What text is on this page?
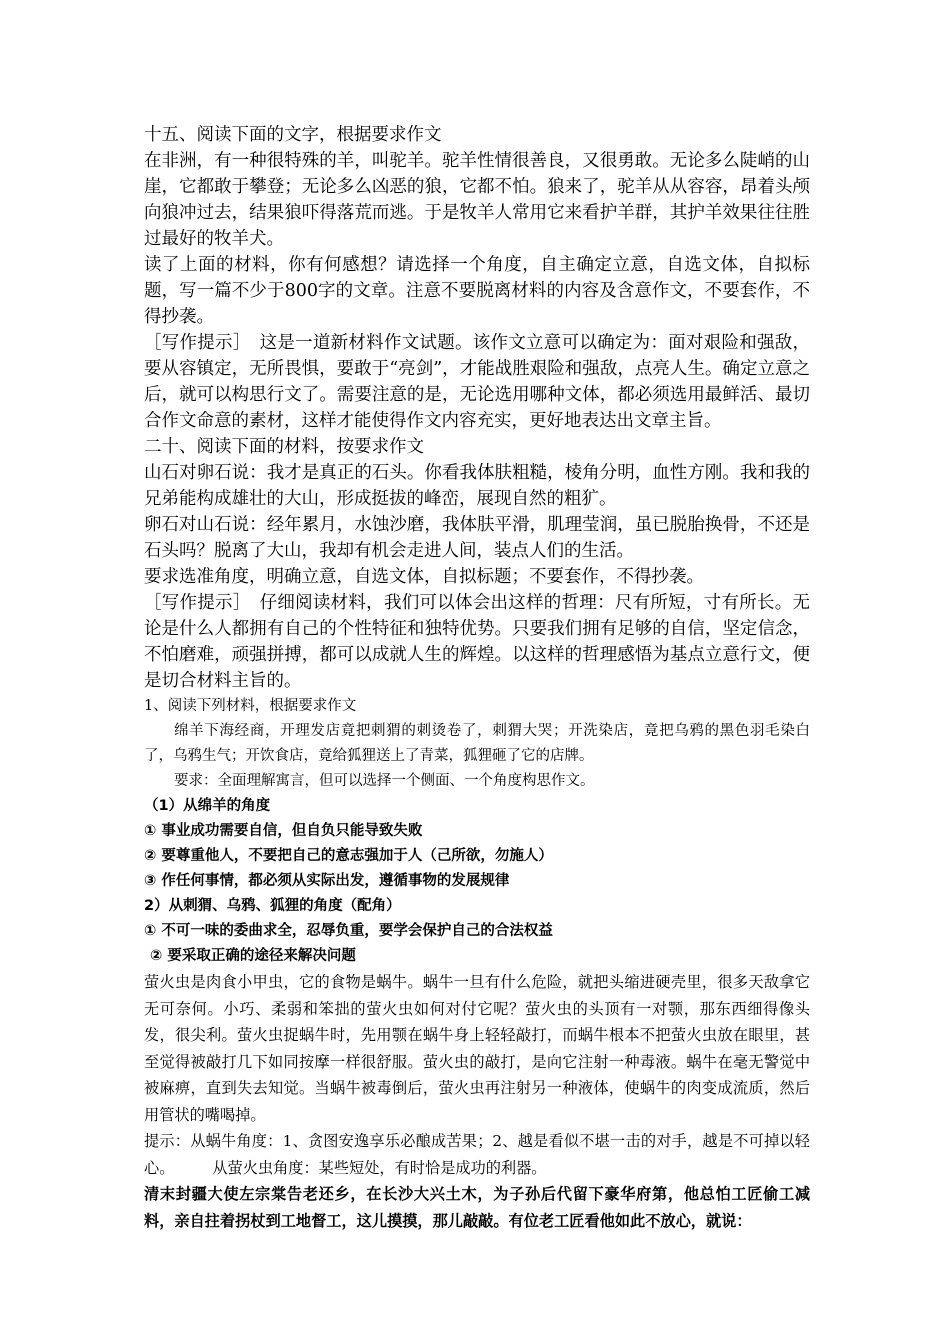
十五、阅读下面的文字，根据要求作文

在非洲，有一种很特殊的羊，叫驼羊。驼羊性情很善良，又很勇敢。无论多么陡峭的山崖，它都敢于攀登；无论多么凶恶的狼，它都不怕。狼来了，驼羊从从容容，昂着头颅向狼冲过去，结果狼吓得落荒而逃。于是牧羊人常用它来看护羊群，其护羊效果往往胜过最好的牧羊犬。

读了上面的材料，你有何感想？请选择一个角度，自主确定立意，自选文体，自拟标题，写一篇不少于800字的文章。注意不要脱离材料的内容及含意作文，不要套作，不得抄袭。

［写作提示］　这是一道新材料作文试题。该作文立意可以确定为：面对艰险和强敌，要从容镇定，无所畏惧，要敢于“亮剑”，才能战胜艰险和强敌，点亮人生。确定立意之后，就可以构思行文了。需要注意的是，无论选用哪种文体，都必须选用最鲜活、最切合作文命意的素材，这样才能使得作文内容充实，更好地表达出文章主旨。

二十、阅读下面的材料，按要求作文

山石对卵石说：我才是真正的石头。你看我体肤粗糙，棱角分明，血性方刚。我和我的兄弟能构成雄壮的大山，形成挺拔的峰峦，展现自然的粗犷。

卵石对山石说：经年累月，水蚀沙磨，我体肤平滑，肌理莹润，虽已脱胎换骨，不还是石头吗？脱离了大山，我却有机会走进人间，装点人们的生活。

要求选准角度，明确立意，自选文体，自拟标题；不要套作，不得抄袭。

［写作提示］　仔细阅读材料，我们可以体会出这样的哲理：尺有所短，寸有所长。无论是什么人都拥有自己的个性特征和独特优势。只要我们拥有足够的自信，坚定信念，不怕磨难，顽强拼搏，都可以成就人生的辉煌。以这样的哲理感悟为基点立意行文，便是切合材料主旨的。

1、阅读下列材料，根据要求作文

绵羊下海经商，开理发店竟把刺猬的刺烫卷了，刺猬大哭；开洗染店，竟把乌鸦的黑色羽毛染白了，乌鸦生气；开饮食店，竟给狐狸送上了青菜，狐狸砸了它的店牌。

要求：全面理解寓言，但可以选择一个侧面、一个角度构思作文。

（1）从绵羊的角度

① 事业成功需要自信，但自负只能导致失败

② 要尊重他人，不要把自己的意志强加于人（己所欲，勿施人）

③ 作任何事情，都必须从实际出发，遵循事物的发展规律

2）从刺猬、乌鸦、狐狸的角度（配角）

① 不可一味的委曲求全，忍辱负重，要学会保护自己的合法权益

② 要采取正确的途径来解决问题

萤火虫是肉食小甲虫，它的食物是蜗牛。蜗牛一旦有什么危险，就把头缩进硬壳里，很多天敌拿它无可奈何。小巧、柔弱和笨拙的萤火虫如何对付它呢？萤火虫的头顶有一对颚，那东西细得像头发，很尖利。萤火虫捉蜗牛时，先用颚在蜗牛身上轻轻敲打，而蜗牛根本不把萤火虫放在眼里，甚至觉得被敲打几下如同按摩一样很舒服。萤火虫的敲打，是向它注射一种毒液。蜗牛在毫无警觉中被麻痹，直到失去知觉。当蜗牛被毒倒后，萤火虫再注射另一种液体，使蜗牛的肉变成流质，然后用管状的嘴喝掉。

提示：从蜗牛角度：1、贪图安逸享乐必酿成苦果；2、越是看似不堪一击的对手，越是不可掉以轻心。　　　从萤火虫角度：某些短处，有时恰是成功的利器。

清末封疆大使左宗棠告老还乡，在长沙大兴土木，为子孙后代留下豪华府第，他总怕工匠偷工减料，亲自拄着拐杖到工地督工，这儿摸摸，那儿敲敲。有位老工匠看他如此不放心，就说：
